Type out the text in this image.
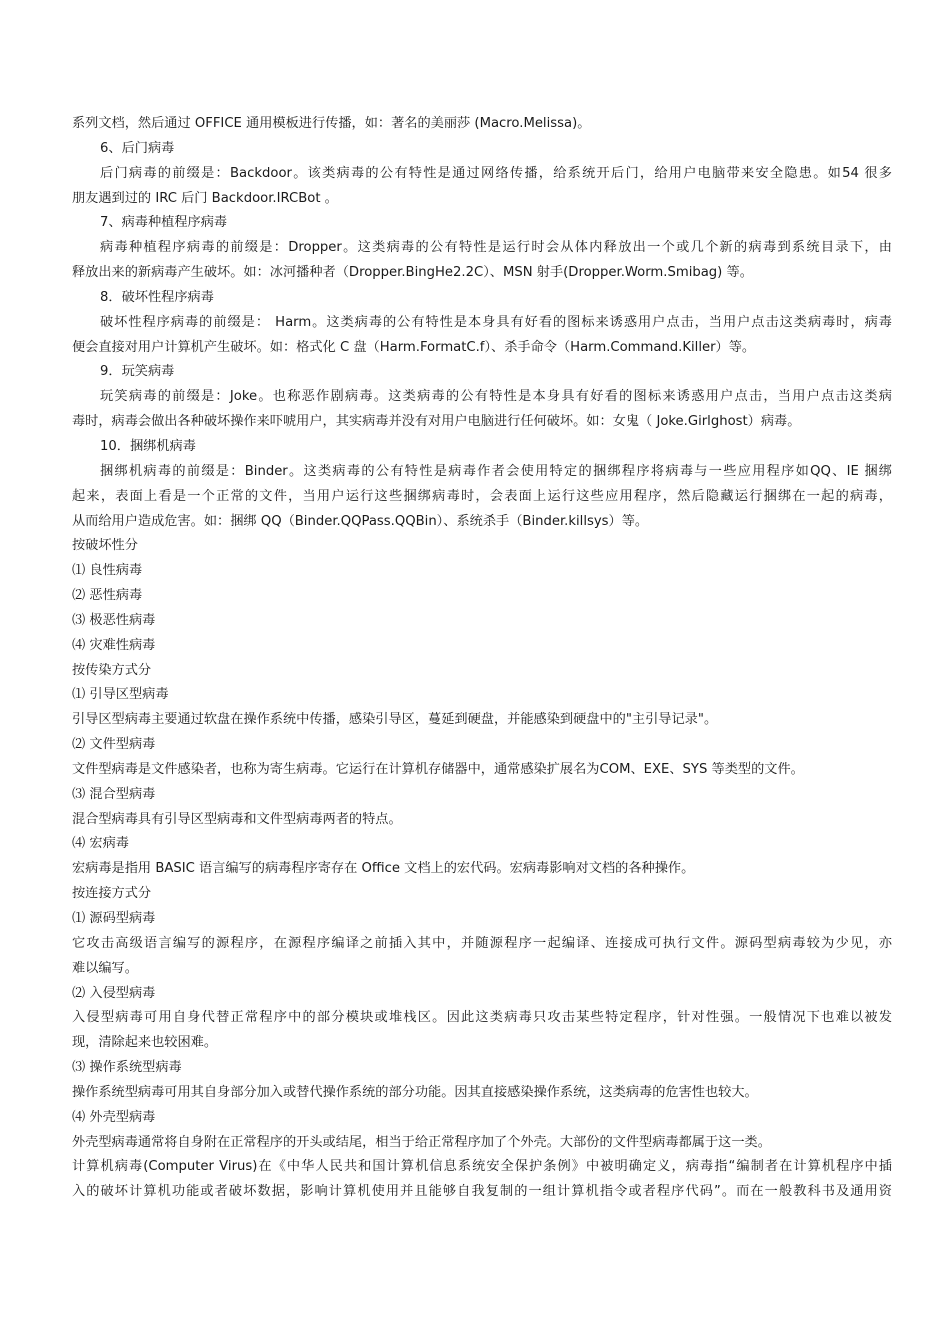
系列文档，然后通过 OFFICE 通用模板进行传播，如：著名的美丽莎 (Macro.Melissa)。
6、后门病毒
后门病毒的前缀是：Backdoor。该类病毒的公有特性是通过网络传播，给系统开后门，给用户电脑带来安全隐患。如54 很多
朋友遇到过的 IRC 后门 Backdoor.IRCBot 。
7、病毒种植程序病毒
病毒种植程序病毒的前缀是：Dropper。这类病毒的公有特性是运行时会从体内释放出一个或几个新的病毒到系统目录下，由
释放出来的新病毒产生破坏。如：冰河播种者（Dropper.BingHe2.2C）、MSN 射手(Dropper.Worm.Smibag) 等。
8．破坏性程序病毒
破坏性程序病毒的前缀是： Harm。这类病毒的公有特性是本身具有好看的图标来诱惑用户点击，当用户点击这类病毒时，病毒
便会直接对用户计算机产生破坏。如：格式化 C 盘（Harm.FormatC.f）、杀手命令（Harm.Command.Killer）等。
9．玩笑病毒
玩笑病毒的前缀是：Joke。也称恶作剧病毒。这类病毒的公有特性是本身具有好看的图标来诱惑用户点击，当用户点击这类病
毒时，病毒会做出各种破坏操作来吓唬用户，其实病毒并没有对用户电脑进行任何破坏。如：女鬼（ Joke.Girlghost）病毒。
10．捆绑机病毒
捆绑机病毒的前缀是：Binder。这类病毒的公有特性是病毒作者会使用特定的捆绑程序将病毒与一些应用程序如QQ、IE 捆绑
起来，表面上看是一个正常的文件，当用户运行这些捆绑病毒时，会表面上运行这些应用程序，然后隐藏运行捆绑在一起的病毒，
从而给用户造成危害。如：捆绑 QQ（Binder.QQPass.QQBin）、系统杀手（Binder.killsys）等。
按破坏性分
⑴ 良性病毒
⑵ 恶性病毒
⑶ 极恶性病毒
⑷ 灾难性病毒
按传染方式分
⑴ 引导区型病毒
引导区型病毒主要通过软盘在操作系统中传播，感染引导区，蔓延到硬盘，并能感染到硬盘中的"主引导记录"。
⑵ 文件型病毒
文件型病毒是文件感染者，也称为寄生病毒。它运行在计算机存储器中，通常感染扩展名为COM、EXE、SYS 等类型的文件。
⑶ 混合型病毒
混合型病毒具有引导区型病毒和文件型病毒两者的特点。
⑷ 宏病毒
宏病毒是指用 BASIC 语言编写的病毒程序寄存在 Office 文档上的宏代码。宏病毒影响对文档的各种操作。
按连接方式分
⑴ 源码型病毒
它攻击高级语言编写的源程序，在源程序编译之前插入其中，并随源程序一起编译、连接成可执行文件。源码型病毒较为少见，亦
难以编写。
⑵ 入侵型病毒
入侵型病毒可用自身代替正常程序中的部分模块或堆栈区。因此这类病毒只攻击某些特定程序，针对性强。一般情况下也难以被发
现，清除起来也较困难。
⑶ 操作系统型病毒
操作系统型病毒可用其自身部分加入或替代操作系统的部分功能。因其直接感染操作系统，这类病毒的危害性也较大。
⑷ 外壳型病毒
外壳型病毒通常将自身附在正常程序的开头或结尾，相当于给正常程序加了个外壳。大部份的文件型病毒都属于这一类。
计算机病毒(Computer Virus)在《中华人民共和国计算机信息系统安全保护条例》中被明确定义，病毒指“编制者在计算机程序中插
入的破坏计算机功能或者破坏数据，影响计算机使用并且能够自我复制的一组计算机指令或者程序代码”。而在一般教科书及通用资
